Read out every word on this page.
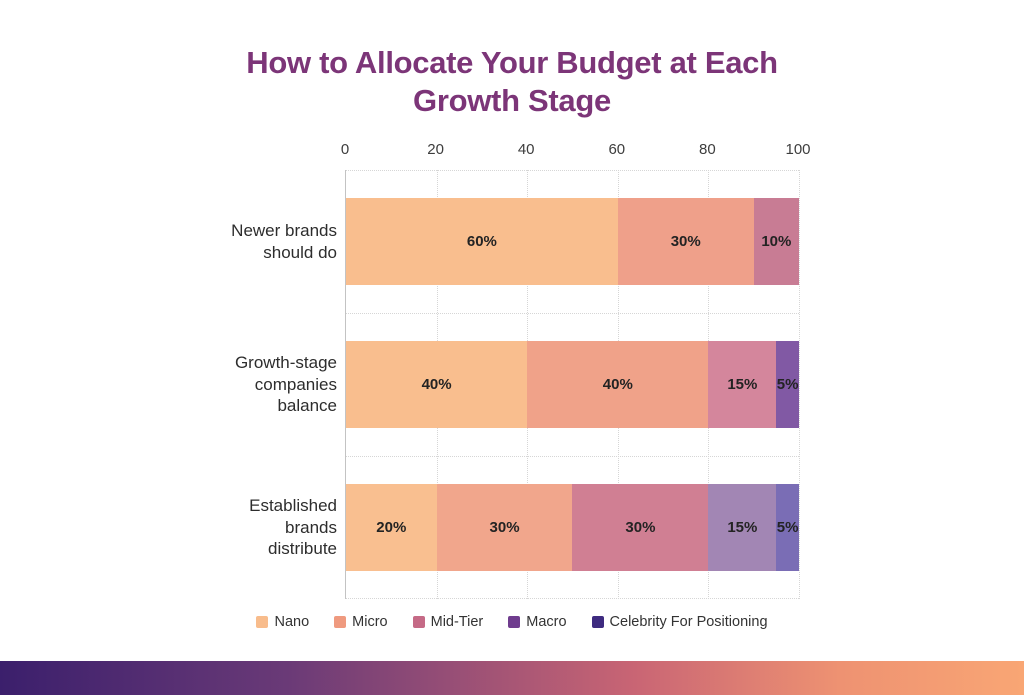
How to Allocate Your Budget at Each
Growth Stage
0	20	40	60	80	100
60%	30%	10%
40%	40%	15% 5%
20%	30%	30%	15% 5%
Newer brands
should do
Growth-stage
companies
balance
Established
brands
distribute
Nano	Micro	Mid-Tier	Macro	Celebrity For Positioning
